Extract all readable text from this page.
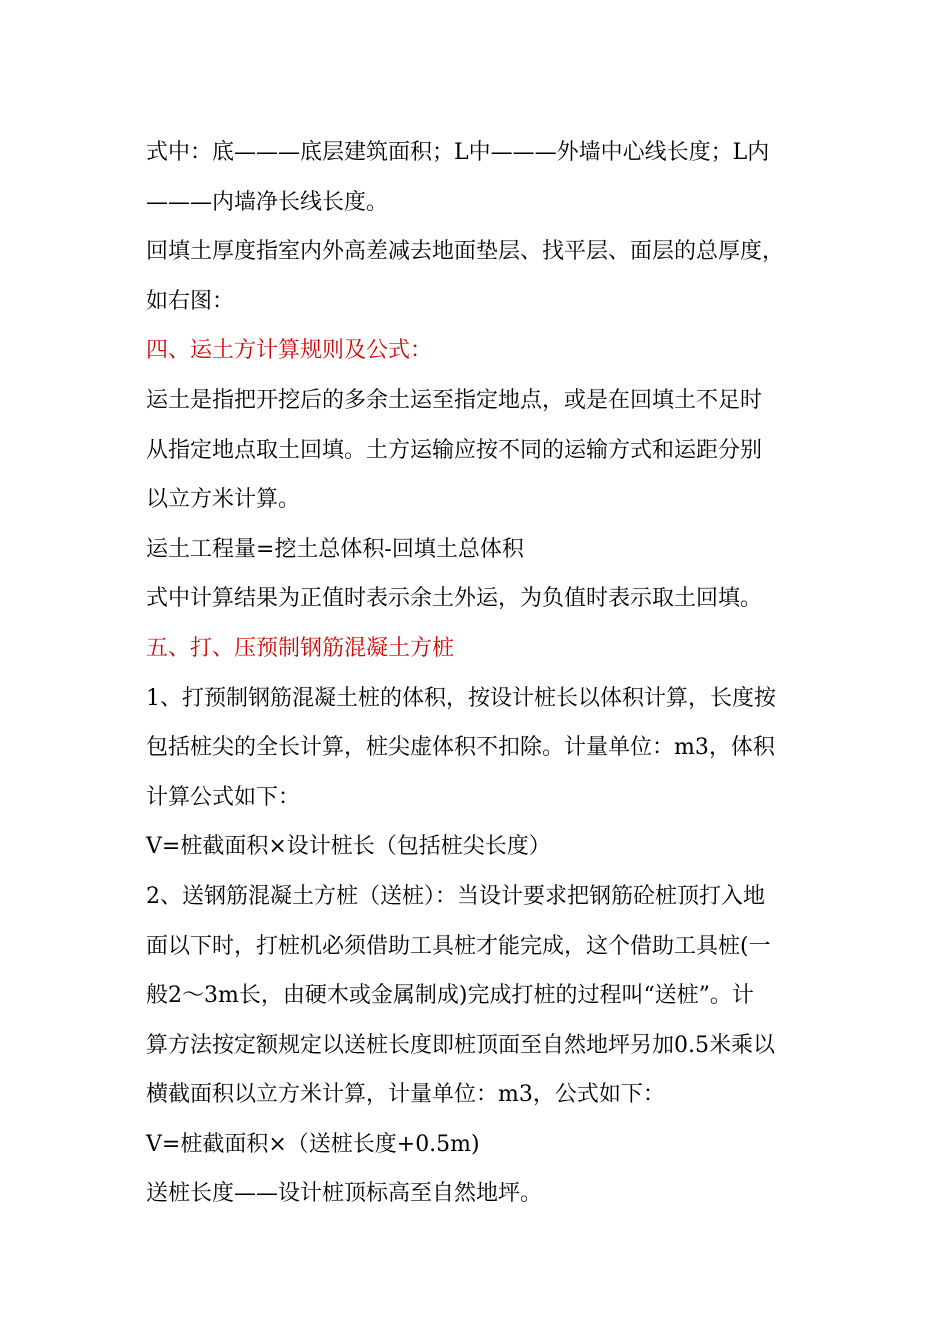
式中：底———底层建筑面积；L中———外墙中心线长度；L内
———内墙净长线长度。
回填土厚度指室内外高差减去地面垫层、找平层、面层的总厚度，
如右图：
四、运土方计算规则及公式：
运土是指把开挖后的多余土运至指定地点，或是在回填土不足时
从指定地点取土回填。土方运输应按不同的运输方式和运距分别
以立方米计算。
运土工程量=挖土总体积-回填土总体积
式中计算结果为正值时表示余土外运，为负值时表示取土回填。
五、打、压预制钢筋混凝土方桩
1、打预制钢筋混凝土桩的体积，按设计桩长以体积计算，长度按
包括桩尖的全长计算，桩尖虚体积不扣除。计量单位：m3，体积
计算公式如下：
V=桩截面积×设计桩长（包括桩尖长度）
2、送钢筋混凝土方桩（送桩）：当设计要求把钢筋砼桩顶打入地
面以下时，打桩机必须借助工具桩才能完成，这个借助工具桩(一
般2～3m长，由硬木或金属制成)完成打桩的过程叫“送桩”。计
算方法按定额规定以送桩长度即桩顶面至自然地坪另加0.5米乘以
横截面积以立方米计算，计量单位：m3，公式如下：
V=桩截面积×（送桩长度+0.5m)
送桩长度——设计桩顶标高至自然地坪。
